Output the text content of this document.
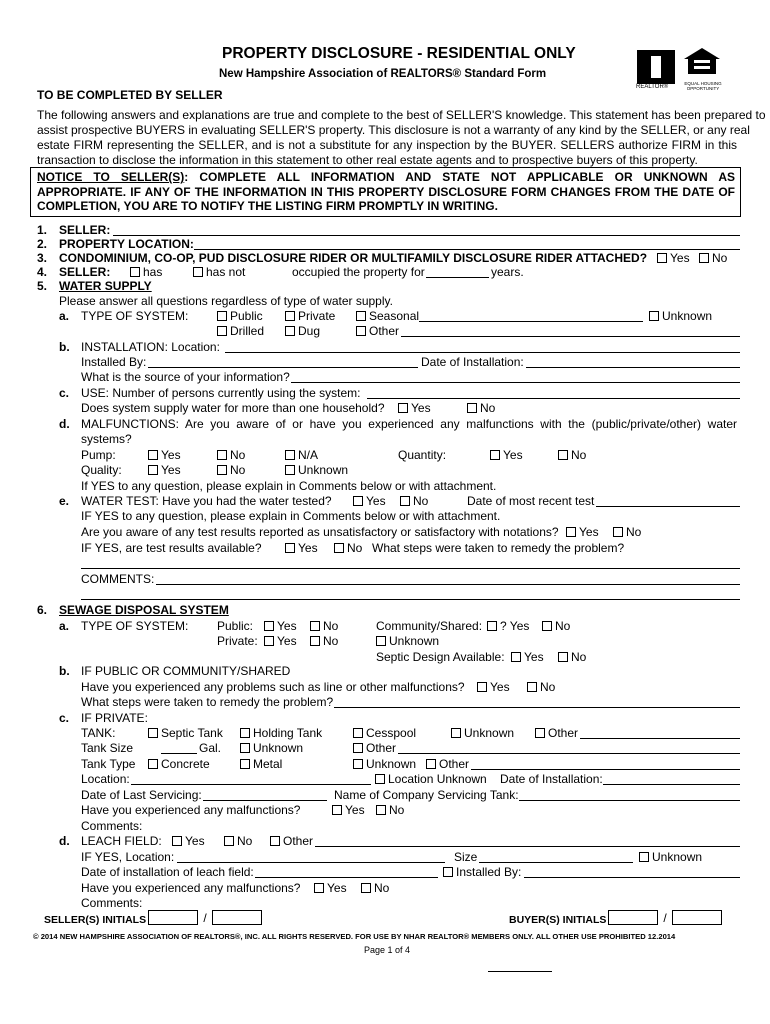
PROPERTY DISCLOSURE - RESIDENTIAL ONLY
New Hampshire Association of REALTORS® Standard Form
TO BE COMPLETED BY SELLER
REALTOR®
EQUAL HOUSING OPPORTUNITY
The following answers and explanations are true and complete to the best of SELLER'S knowledge. This statement has been prepared to
assist prospective BUYERS in evaluating SELLER'S property. This disclosure is not a warranty of any kind by the SELLER, or any real
estate FIRM representing the SELLER, and is not a substitute for any inspection by the BUYER. SELLERS authorize FIRM in this
transaction to disclose the information in this statement to other real estate agents and to prospective buyers of this property.
NOTICE TO SELLER(S): COMPLETE ALL INFORMATION AND STATE NOT APPLICABLE OR UNKNOWN AS
APPROPRIATE. IF ANY OF THE INFORMATION IN THIS PROPERTY DISCLOSURE FORM CHANGES FROM THE DATE OF
COMPLETION, YOU ARE TO NOTIFY THE LISTING FIRM PROMPTLY IN WRITING.
1. SELLER:
2. PROPERTY LOCATION:
3. CONDOMINIUM, CO-OP, PUD DISCLOSURE RIDER OR MULTIFAMILY DISCLOSURE RIDER ATTACHED?	Yes	No
4. SELLER:	has	has not	occupied the property for	years.
5. WATER SUPPLY
Please answer all questions regardless of type of water supply.
a. TYPE OF SYSTEM:	Public	Private	Seasonal	Unknown
Drilled	Dug	Other
b. INSTALLATION: Location:
Installed By:	Date of Installation:
What is the source of your information?
c. USE: Number of persons currently using the system:
Does system supply water for more than one household?	Yes	No
d. MALFUNCTIONS: Are you aware of or have you experienced any malfunctions with the (public/private/other) water
systems?
Pump:	Yes	No	N/A	Quantity:	Yes	No
Quality:	Yes	No	Unknown
If YES to any question, please explain in Comments below or with attachment.
e. WATER TEST: Have you had the water tested?	Yes	No	Date of most recent test
IF YES to any question, please explain in Comments below or with attachment.
Are you aware of any test results reported as unsatisfactory or satisfactory with notations?	Yes	No
IF YES, are test results available?	Yes	No What steps were taken to remedy the problem?
COMMENTS:
6. SEWAGE DISPOSAL SYSTEM
a. TYPE OF SYSTEM: Public:	Yes	No	Community/Shared:	? Yes	No
Private:	Yes	No	Unknown
Septic Design Available:	Yes	No
b. IF PUBLIC OR COMMUNITY/SHARED
Have you experienced any problems such as line or other malfunctions?	Yes	No
What steps were taken to remedy the problem?
c. IF PRIVATE:
TANK:	Septic Tank	Holding Tank	Cesspool	Unknown	Other
Tank Size	Gal.	Unknown	Other
Tank Type	Concrete	Metal	Unknown	Other
Location:	Location Unknown Date of Installation:
Date of Last Servicing:	Name of Company Servicing Tank:
Have you experienced any malfunctions?	Yes	No
Comments:
d. LEACH FIELD:	Yes	No	Other
IF YES, Location:	Size	Unknown
Date of installation of leach field:	Installed By:
Have you experienced any malfunctions?	Yes	No
Comments:
SELLER(S) INITIALS	/	BUYER(S) INITIALS	/
© 2014 NEW HAMPSHIRE ASSOCIATION OF REALTORS®, INC. ALL RIGHTS RESERVED. FOR USE BY NHAR REALTOR® MEMBERS ONLY. ALL OTHER USE PROHIBITED 12.2014
Page 1 of 4
